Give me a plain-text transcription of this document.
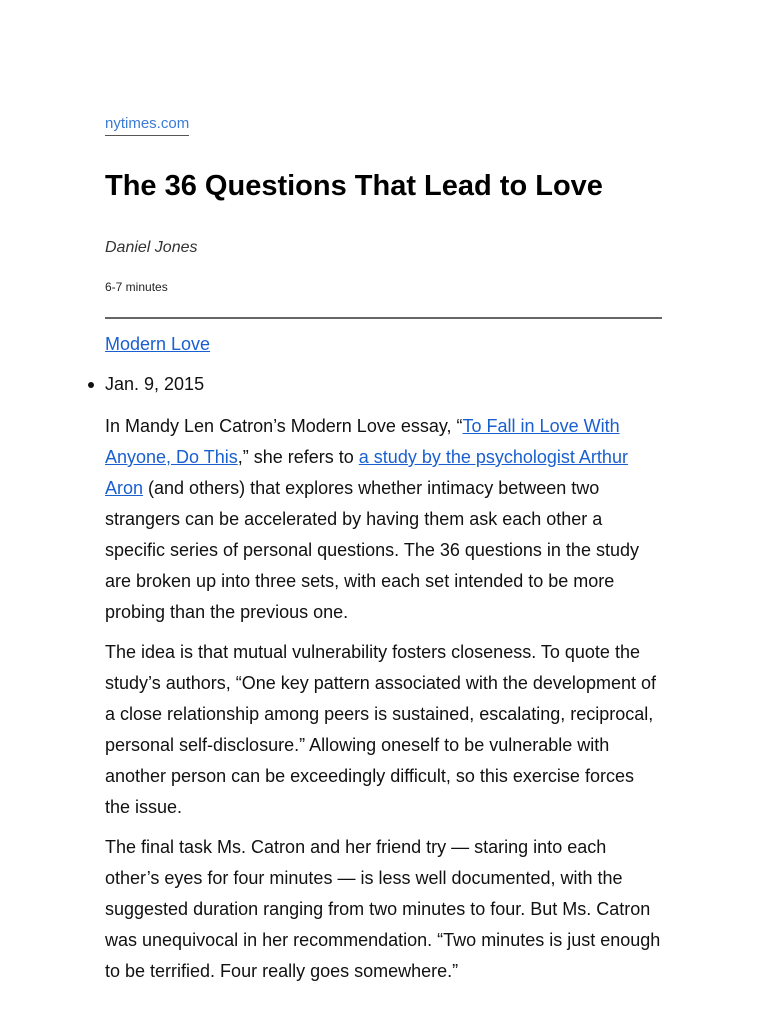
nytimes.com
The 36 Questions That Lead to Love
Daniel Jones
6-7 minutes
Modern Love
Jan. 9, 2015

In Mandy Len Catron’s Modern Love essay, “To Fall in Love With Anyone, Do This,” she refers to a study by the psychologist Arthur Aron (and others) that explores whether intimacy between two strangers can be accelerated by having them ask each other a specific series of personal questions. The 36 questions in the study are broken up into three sets, with each set intended to be more probing than the previous one.

The idea is that mutual vulnerability fosters closeness. To quote the study’s authors, “One key pattern associated with the development of a close relationship among peers is sustained, escalating, reciprocal, personal self-disclosure.” Allowing oneself to be vulnerable with another person can be exceedingly difficult, so this exercise forces the issue.

The final task Ms. Catron and her friend try — staring into each other’s eyes for four minutes — is less well documented, with the suggested duration ranging from two minutes to four. But Ms. Catron was unequivocal in her recommendation. “Two minutes is just enough to be terrified. Four really goes somewhere.”
